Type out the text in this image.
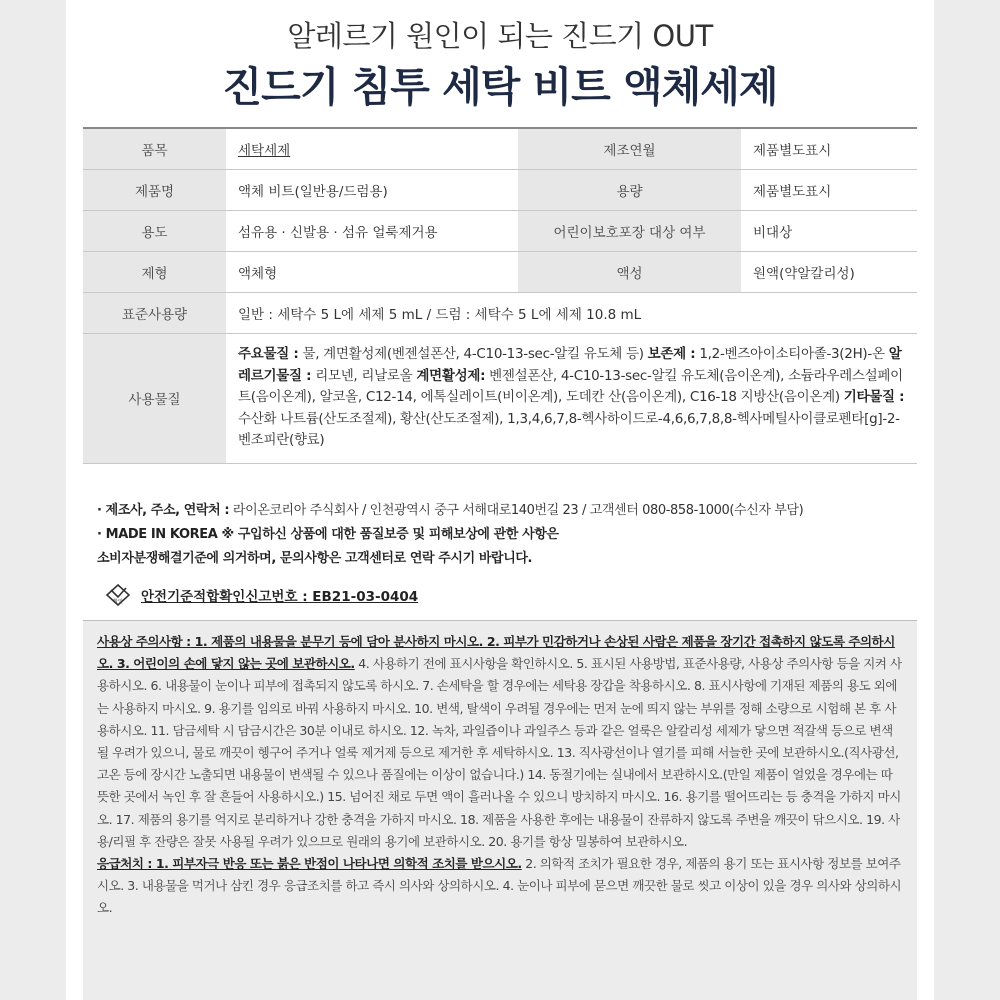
알레르기 원인이 되는 진드기 OUT
진드기 침투 세탁 비트 액체세제
품목	세탁세제	제조연월	제품별도표시
제품명	액체 비트(일반용/드럼용)	용량	제품별도표시
용도	섬유용 · 신발용 · 섬유 얼룩제거용	어린이보호포장 대상 여부	비대상
제형	액체형	액성	원액(약알칼리성)
표준사용량	일반 : 세탁수 5 L에 세제 5 mL / 드럼 : 세탁수 5 L에 세제 10.8 mL		
사용물질	주요물질 : 물, 계면활성제(벤젠설폰산, 4-C10-13-sec-알킬 유도체 등) 보존제 : 1,2-벤즈아이소티아졸-3(2H)-온 알레르기물질 : 리모넨, 리날로올 계면활성제: 벤젠설폰산, 4-C10-13-sec-알킬 유도체(음이온계), 소듐라우레스설페이트(음이온계), 알코올, C12-14, 에톡실레이트(비이온계), 도데칸 산(음이온계), C16-18 지방산(음이온계) 기타물질 : 수산화 나트륨(산도조절제), 황산(산도조절제), 1,3,4,6,7,8-헥사하이드로-4,6,6,7,8,8-헥사메틸사이클로펜타[g]-2-벤조피란(향료)		
· 제조사, 주소, 연락처 : 라이온코리아 주식회사 / 인천광역시 중구 서해대로140번길 23 / 고객센터 080-858-1000(수신자 부담)
· MADE IN KOREA ※ 구입하신 상품에 대한 품질보증 및 피해보상에 관한 사항은
소비자분쟁해결기준에 의거하며, 문의사항은 고객센터로 연락 주시기 바랍니다.
확인 안전기준적합확인신고번호 : EB21-03-0404

사용상 주의사항 : 1. 제품의 내용물을 분무기 등에 담아 분사하지 마시오. 2. 피부가 민감하거나 손상된 사람은 제품을 장기간 접촉하지 않도록 주의하시오. 3. 어린이의 손에 닿지 않는 곳에 보관하시오. 4. 사용하기 전에 표시사항을 확인하시오. 5. 표시된 사용방법, 표준사용량, 사용상 주의사항 등을 지켜 사용하시오. 6. 내용물이 눈이나 피부에 접촉되지 않도록 하시오. 7. 손세탁을 할 경우에는 세탁용 장갑을 착용하시오. 8. 표시사항에 기재된 제품의 용도 외에는 사용하지 마시오. 9. 용기를 임의로 바꿔 사용하지 마시오. 10. 변색, 탈색이 우려될 경우에는 먼저 눈에 띄지 않는 부위를 정해 소량으로 시험해 본 후 사용하시오. 11. 담금세탁 시 담금시간은 30분 이내로 하시오. 12. 녹차, 과일즙이나 과일주스 등과 같은 얼룩은 알칼리성 세제가 닿으면 적갈색 등으로 변색될 우려가 있으니, 물로 깨끗이 헹구어 주거나 얼룩 제거제 등으로 제거한 후 세탁하시오. 13. 직사광선이나 열기를 피해 서늘한 곳에 보관하시오.(직사광선, 고온 등에 장시간 노출되면 내용물이 변색될 수 있으나 품질에는 이상이 없습니다.) 14. 동절기에는 실내에서 보관하시오.(만일 제품이 얼었을 경우에는 따뜻한 곳에서 녹인 후 잘 흔들어 사용하시오.) 15. 넘어진 채로 두면 액이 흘러나올 수 있으니 방치하지 마시오. 16. 용기를 떨어뜨리는 등 충격을 가하지 마시오. 17. 제품의 용기를 억지로 분리하거나 강한 충격을 가하지 마시오. 18. 제품을 사용한 후에는 내용물이 잔류하지 않도록 주변을 깨끗이 닦으시오. 19. 사용/리필 후 잔량은 잘못 사용될 우려가 있으므로 원래의 용기에 보관하시오. 20. 용기를 항상 밀봉하여 보관하시오.

응급처치 : 1. 피부자극 반응 또는 붉은 반점이 나타나면 의학적 조치를 받으시오. 2. 의학적 조치가 필요한 경우, 제품의 용기 또는 표시사항 정보를 보여주시오. 3. 내용물을 먹거나 삼킨 경우 응급조치를 하고 즉시 의사와 상의하시오. 4. 눈이나 피부에 묻으면 깨끗한 물로 씻고 이상이 있을 경우 의사와 상의하시오.
